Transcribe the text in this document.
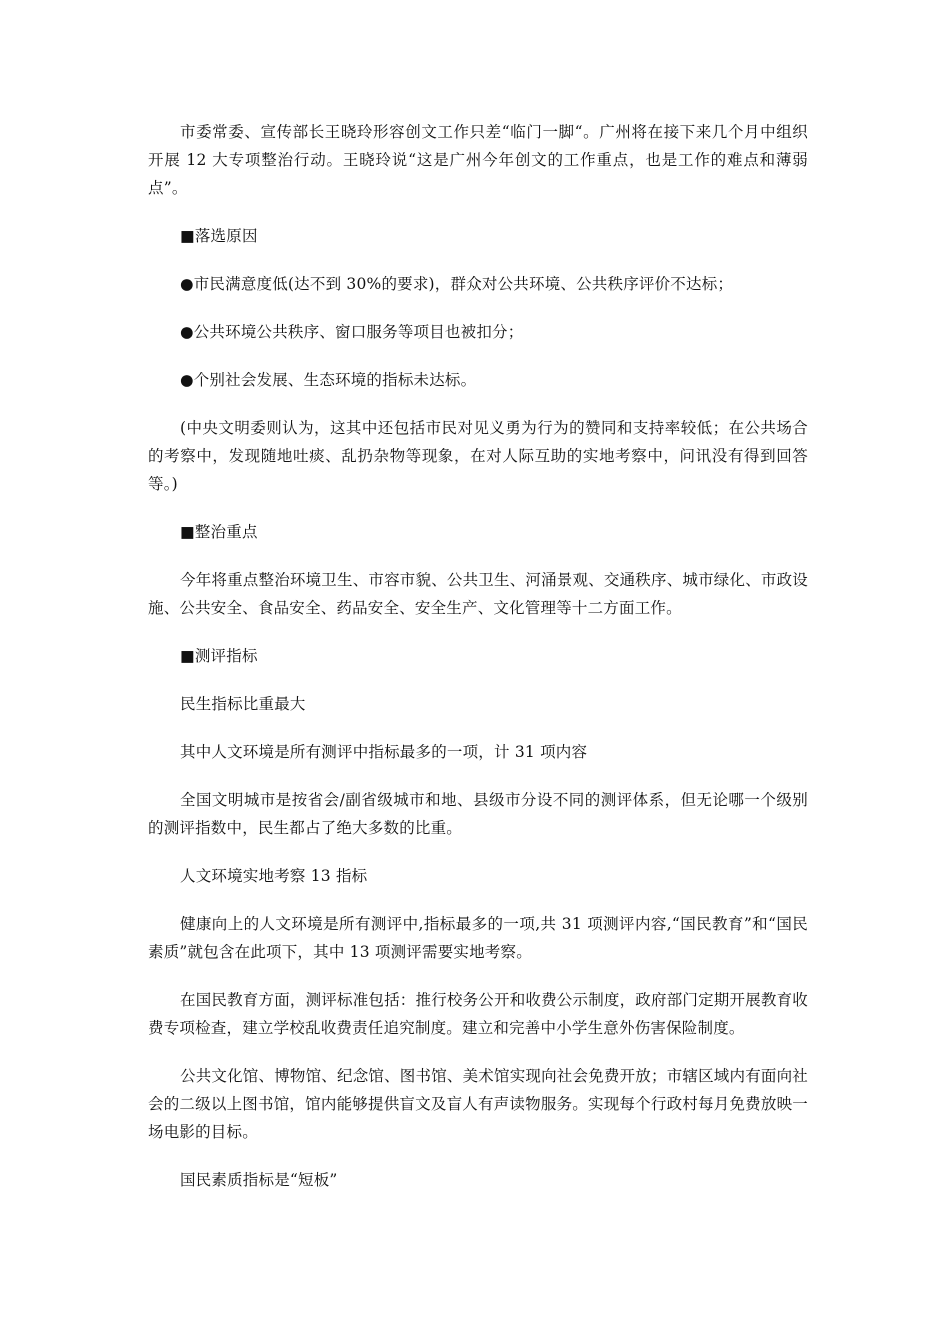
市委常委、宣传部长王晓玲形容创文工作只差“临门一脚“。广州将在接下来几个月中组织开展 12 大专项整治行动。王晓玲说“这是广州今年创文的工作重点，也是工作的难点和薄弱点”。

■落选原因

●市民满意度低(达不到 30%的要求)，群众对公共环境、公共秩序评价不达标；

●公共环境公共秩序、窗口服务等项目也被扣分；

●个别社会发展、生态环境的指标未达标。

(中央文明委则认为，这其中还包括市民对见义勇为行为的赞同和支持率较低；在公共场合的考察中，发现随地吐痰、乱扔杂物等现象，在对人际互助的实地考察中，问讯没有得到回答等。)

■整治重点

今年将重点整治环境卫生、市容市貌、公共卫生、河涌景观、交通秩序、城市绿化、市政设施、公共安全、食品安全、药品安全、安全生产、文化管理等十二方面工作。

■测评指标

民生指标比重最大

其中人文环境是所有测评中指标最多的一项，计 31 项内容

全国文明城市是按省会/副省级城市和地、县级市分设不同的测评体系，但无论哪一个级别的测评指数中，民生都占了绝大多数的比重。

人文环境实地考察 13 指标

健康向上的人文环境是所有测评中,指标最多的一项,共 31 项测评内容,“国民教育”和“国民素质”就包含在此项下，其中 13 项测评需要实地考察。

在国民教育方面，测评标准包括：推行校务公开和收费公示制度，政府部门定期开展教育收费专项检查，建立学校乱收费责任追究制度。建立和完善中小学生意外伤害保险制度。

公共文化馆、博物馆、纪念馆、图书馆、美术馆实现向社会免费开放；市辖区域内有面向社会的二级以上图书馆，馆内能够提供盲文及盲人有声读物服务。实现每个行政村每月免费放映一场电影的目标。

国民素质指标是“短板”
